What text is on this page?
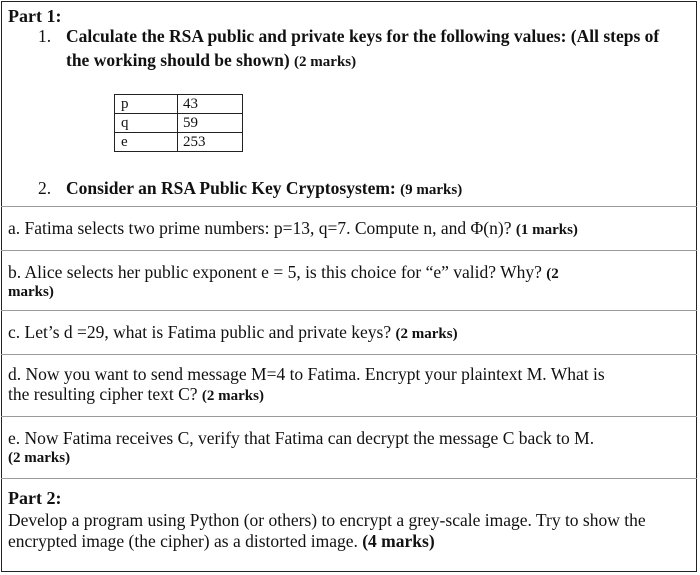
Part 1:
1. Calculate the RSA public and private keys for the following values: (All steps of
the working should be shown) (2 marks)
p	43
q	59
e	253
2. Consider an RSA Public Key Cryptosystem: (9 marks)
a. Fatima selects two prime numbers: p=13, q=7. Compute n, and Φ(n)? (1 marks)
b. Alice selects her public exponent e = 5, is this choice for “e” valid? Why? (2
marks)
c. Let’s d =29, what is Fatima public and private keys? (2 marks)
d. Now you want to send message M=4 to Fatima. Encrypt your plaintext M. What is
the resulting cipher text C? (2 marks)
e. Now Fatima receives C, verify that Fatima can decrypt the message C back to M.
(2 marks)
Part 2:
Develop a program using Python (or others) to encrypt a grey-scale image. Try to show the
encrypted image (the cipher) as a distorted image. (4 marks)
